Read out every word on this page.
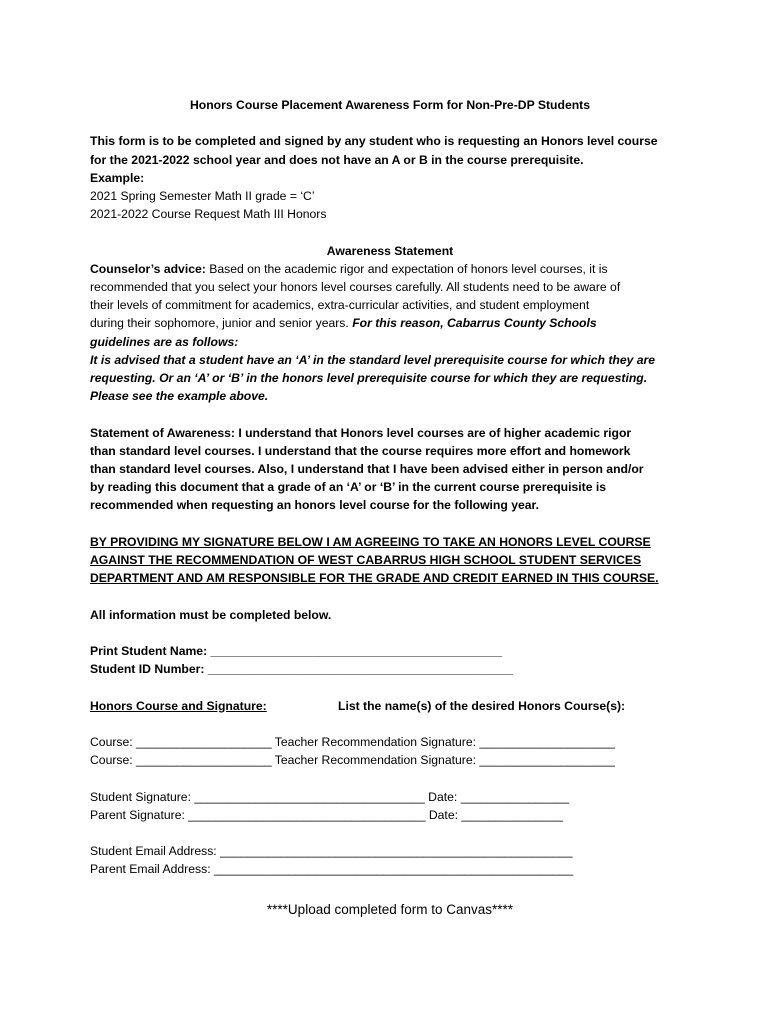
Honors Course Placement Awareness Form for Non-Pre-DP Students

This form is to be completed and signed by any student who is requesting an Honors level course

for the 2021-2022 school year and does not have an A or B in the course prerequisite.

Example:

2021 Spring Semester Math II grade = ‘C’

2021-2022 Course Request Math III Honors

Awareness Statement

Counselor’s advice: Based on the academic rigor and expectation of honors level courses, it is

recommended that you select your honors level courses carefully. All students need to be aware of

their levels of commitment for academics, extra-curricular activities, and student employment

during their sophomore, junior and senior years. For this reason, Cabarrus County Schools

guidelines are as follows:

It is advised that a student have an ‘A’ in the standard level prerequisite course for which they are

requesting. Or an ‘A’ or ‘B’ in the honors level prerequisite course for which they are requesting.

Please see the example above.

Statement of Awareness: I understand that Honors level courses are of higher academic rigor

than standard level courses. I understand that the course requires more effort and homework

than standard level courses. Also, I understand that I have been advised either in person and/or

by reading this document that a grade of an ‘A’ or ‘B’ in the current course prerequisite is

recommended when requesting an honors level course for the following year.

BY PROVIDING MY SIGNATURE BELOW I AM AGREEING TO TAKE AN HONORS LEVEL COURSE

AGAINST THE RECOMMENDATION OF WEST CABARRUS HIGH SCHOOL STUDENT SERVICES

DEPARTMENT AND AM RESPONSIBLE FOR THE GRADE AND CREDIT EARNED IN THIS COURSE.

All information must be completed below.

Print Student Name: ___________________________________________

Student ID Number: _____________________________________________

Honors Course and Signature:	List the name(s) of the desired Honors Course(s):

Course: ____________________ Teacher Recommendation Signature: ____________________

Course: ____________________ Teacher Recommendation Signature: ____________________

Student Signature: __________________________________ Date: ________________

Parent Signature: ___________________________________ Date: _______________

Student Email Address: ____________________________________________________

Parent Email Address: _____________________________________________________

****Upload completed form to Canvas****
